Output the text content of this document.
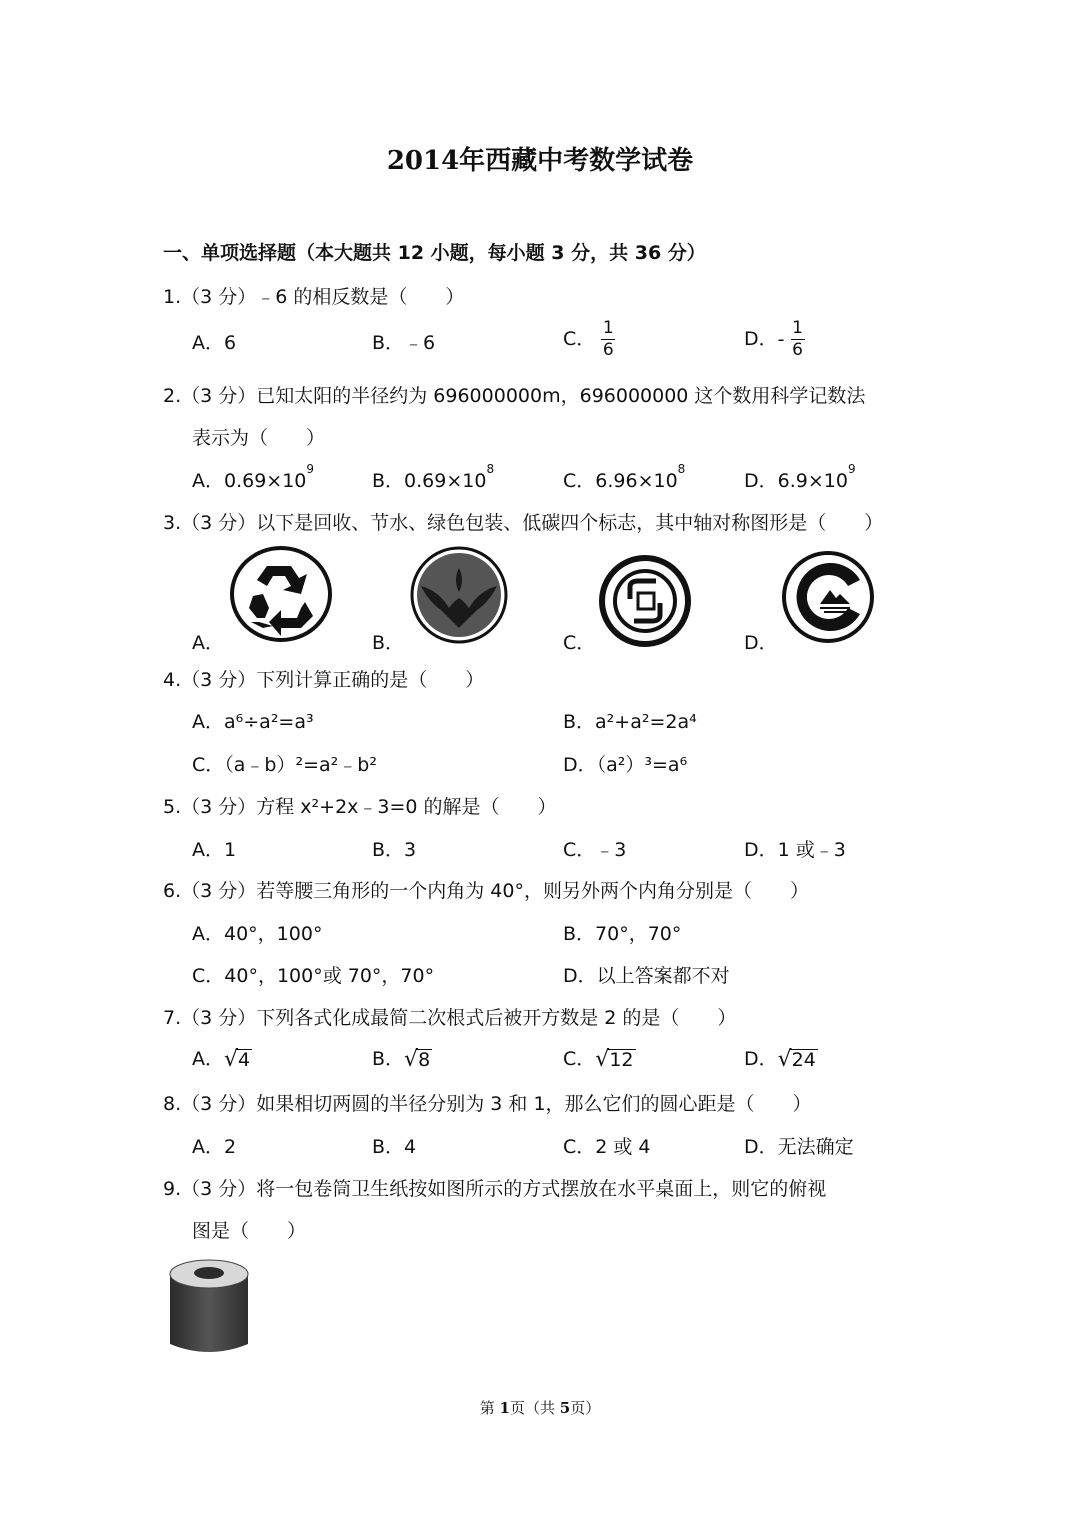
2014年西藏中考数学试卷
一、单项选择题（本大题共 12 小题，每小题 3 分，共 36 分）
1.（3 分）﹣6 的相反数是（　　）
A．6	B．﹣6	C． $\frac{1}{6}$	D．- $\frac{1}{6}$
2.（3 分）已知太阳的半径约为 696000000m，696000000 这个数用科学记数法
表示为（　　）
A．$0.69\times 10^9$
B．$0.69\times 10^8$
C．$6.96\times 10^8$
D．$6.9\times 10^9$
3.（3 分）以下是回收、节水、绿色包装、低碳四个标志，其中轴对称图形是（　　）
A．	B．	C．	D．
4.（3 分）下列计算正确的是（　　）
A．a⁶÷a²=a³	B．a²+a²=2a⁴
C．（a﹣b）²=a²﹣b²	D．（a²）³=a⁶
5.（3 分）方程 x²+2x﹣3=0 的解是（　　）
A．1	B．3	C．﹣3	D．1 或﹣3
6.（3 分）若等腰三角形的一个内角为 40°，则另外两个内角分别是（　　）
A．40°，100°	B．70°，70°
C．40°，100°或 70°，70°	D．以上答案都不对
7.（3 分）下列各式化成最简二次根式后被开方数是 2 的是（　　）
A．√4	B．√8	C．√12	D．√24
8.（3 分）如果相切两圆的半径分别为 3 和 1，那么它们的圆心距是（　　）
A．2	B．4	C．2 或 4	D．无法确定
9.（3 分）将一包卷筒卫生纸按如图所示的方式摆放在水平桌面上，则它的俯视
图是（　　）
第 1页（共 5页）
